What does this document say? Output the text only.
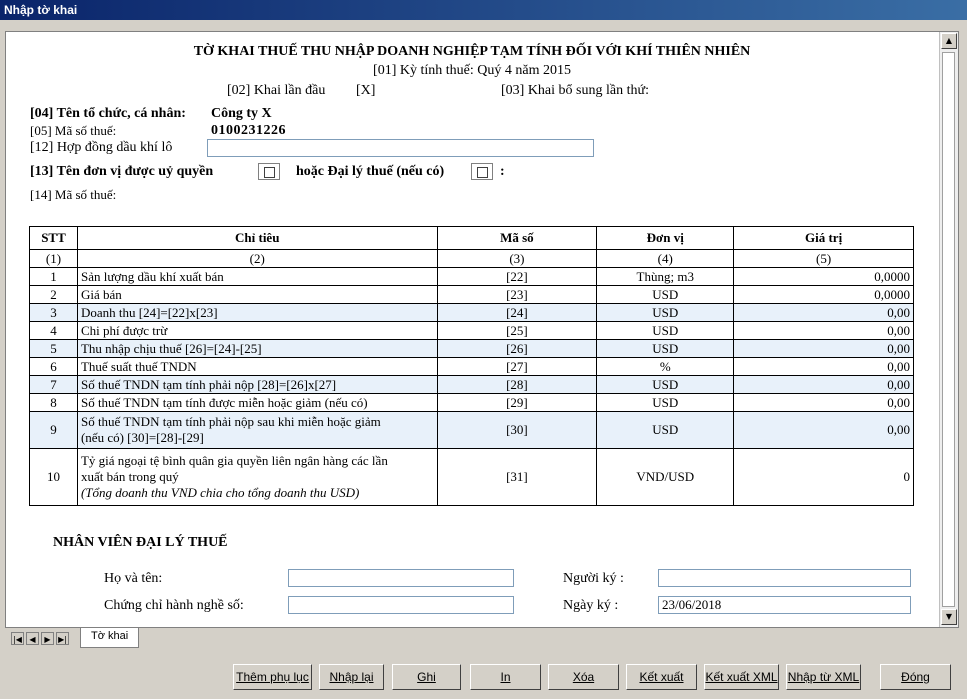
Nhập tờ khai
TỜ KHAI THUẾ THU NHẬP DOANH NGHIỆP TẠM TÍNH ĐỐI VỚI KHÍ THIÊN NHIÊN
[01] Kỳ tính thuế: Quý 4 năm 2015
[02] Khai lần đầu [X]	[03] Khai bổ sung lần thứ:
[04] Tên tổ chức, cá nhân: Công ty X
[05] Mã số thuế:	0100231226
[12] Hợp đồng dầu khí lô
[13] Tên đơn vị được uỷ quyền	hoặc Đại lý thuế (nếu có)	:
[14] Mã số thuế:
STT	Chỉ tiêu	Mã số	Đơn vị	Giá trị
(1)	(2)	(3)	(4)	(5)
1	Sản lượng dầu khí xuất bán	[22]	Thùng; m3	0,0000
2	Giá bán	[23]	USD	0,0000
3	Doanh thu [24]=[22]x[23]	[24]	USD	0,00
4	Chi phí được trừ	[25]	USD	0,00
5	Thu nhập chịu thuế [26]=[24]-[25]	[26]	USD	0,00
6	Thuế suất thuế TNDN	[27]	%	0,00
7	Số thuế TNDN tạm tính phải nộp [28]=[26]x[27]	[28]	USD	0,00
8	Số thuế TNDN tạm tính được miễn hoặc giảm (nếu có)	[29]	USD	0,00
9	Số thuế TNDN tạm tính phải nộp sau khi miễn hoặc giảm
(nếu có) [30]=[28]-[29]	[30]	USD	0,00
10	Tỷ giá ngoại tệ bình quân gia quyền liên ngân hàng các lần
xuất bán trong quý
(Tổng doanh thu VND chia cho tổng doanh thu USD)	[31]	VND/USD	0
NHÂN VIÊN ĐẠI LÝ THUẾ
Họ và tên:	Người ký :
Chứng chỉ hành nghề số:	Ngày ký :	23/06/2018
▲
▼
|◀ ◀	▶ ▶|	Tờ khai
Thêm phụ lục	Nhập lại	Ghi	In	Xóa	Kết xuất	Kết xuất XML Nhập từ XML	Đóng
